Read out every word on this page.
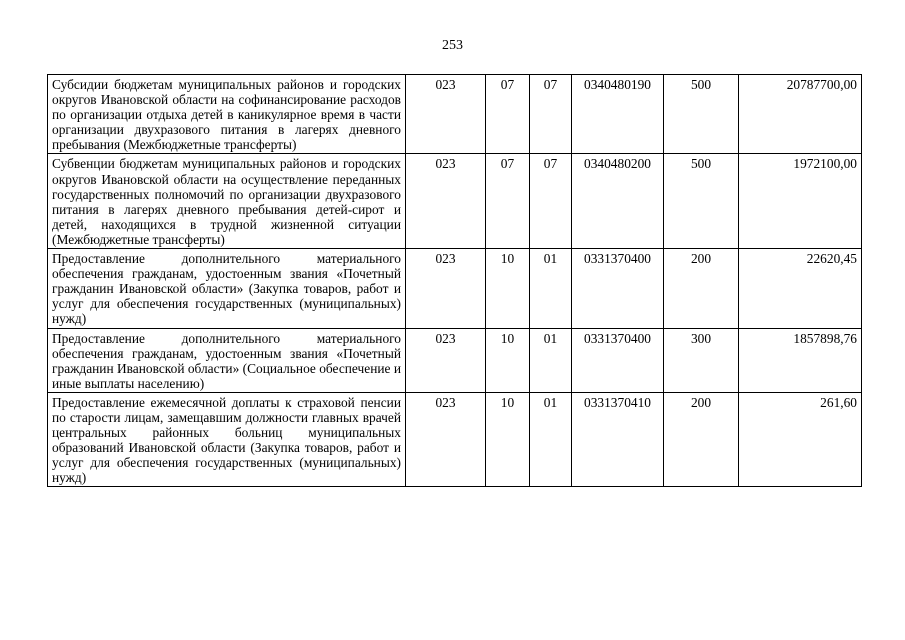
253
Субсидии бюджетам муниципальных районов и городских округов Ивановской области на софинансирование расходов по организации отдыха детей в каникулярное время в части организации двухразового питания в лагерях дневного пребывания (Межбюджетные трансферты)	023	07	07	0340480190	500	20787700,00
Субвенции бюджетам муниципальных районов и городских округов Ивановской области на осуществление переданных государственных полномочий по организации двухразового питания в лагерях дневного пребывания детей-сирот и детей, находящихся в трудной жизненной ситуации (Межбюджетные трансферты)	023	07	07	0340480200	500	1972100,00
Предоставление дополнительного материального обеспечения гражданам, удостоенным звания «Почетный гражданин Ивановской области» (Закупка товаров, работ и услуг для обеспечения государственных (муниципальных) нужд)	023	10	01	0331370400	200	22620,45
Предоставление дополнительного материального обеспечения гражданам, удостоенным звания «Почетный гражданин Ивановской области» (Социальное обеспечение и иные выплаты населению)	023	10	01	0331370400	300	1857898,76
Предоставление ежемесячной доплаты к страховой пенсии по старости лицам, замещавшим должности главных врачей центральных районных больниц муниципальных образований Ивановской области (Закупка товаров, работ и услуг для обеспечения государственных (муниципальных) нужд)	023	10	01	0331370410	200	261,60
